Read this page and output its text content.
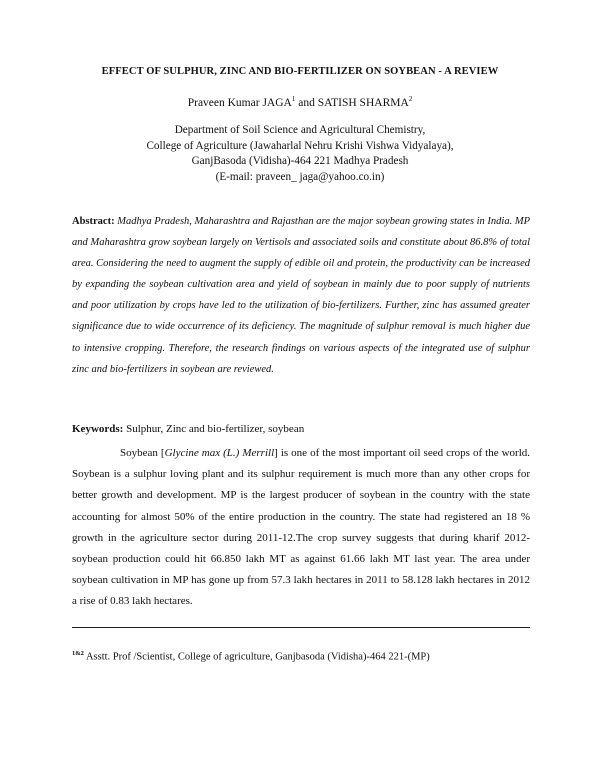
EFFECT OF SULPHUR, ZINC AND BIO-FERTILIZER ON SOYBEAN - A REVIEW
Praveen Kumar JAGA$^1$ and SATISH SHARMA$^2$
Department of Soil Science and Agricultural Chemistry,
College of Agriculture (Jawaharlal Nehru Krishi Vishwa Vidyalaya),
GanjBasoda (Vidisha)-464 221 Madhya Pradesh
(E-mail: praveen_ jaga@yahoo.co.in)
Abstract: Madhya Pradesh, Maharashtra and Rajasthan are the major soybean growing states in India. MP and Maharashtra grow soybean largely on Vertisols and associated soils and constitute about 86.8% of total area. Considering the need to augment the supply of edible oil and protein, the productivity can be increased by expanding the soybean cultivation area and yield of soybean in mainly due to poor supply of nutrients and poor utilization by crops have led to the utilization of bio-fertilizers. Further, zinc has assumed greater significance due to wide occurrence of its deficiency. The magnitude of sulphur removal is much higher due to intensive cropping. Therefore, the research findings on various aspects of the integrated use of sulphur zinc and bio-fertilizers in soybean are reviewed.
Keywords: Sulphur, Zinc and bio-fertilizer, soybean
Soybean [Glycine max (L.) Merrill] is one of the most important oil seed crops of the world. Soybean is a sulphur loving plant and its sulphur requirement is much more than any other crops for better growth and development. MP is the largest producer of soybean in the country with the state accounting for almost 50% of the entire production in the country. The state had registered an 18 % growth in the agriculture sector during 2011-12.The crop survey suggests that during kharif 2012-soybean production could hit 66.850 lakh MT as against 61.66 lakh MT last year. The area under soybean cultivation in MP has gone up from 57.3 lakh hectares in 2011 to 58.128 lakh hectares in 2012 a rise of 0.83 lakh hectares.
$^{1\&2}$ Asstt. Prof /Scientist, College of agriculture, Ganjbasoda (Vidisha)-464 221-(MP)
